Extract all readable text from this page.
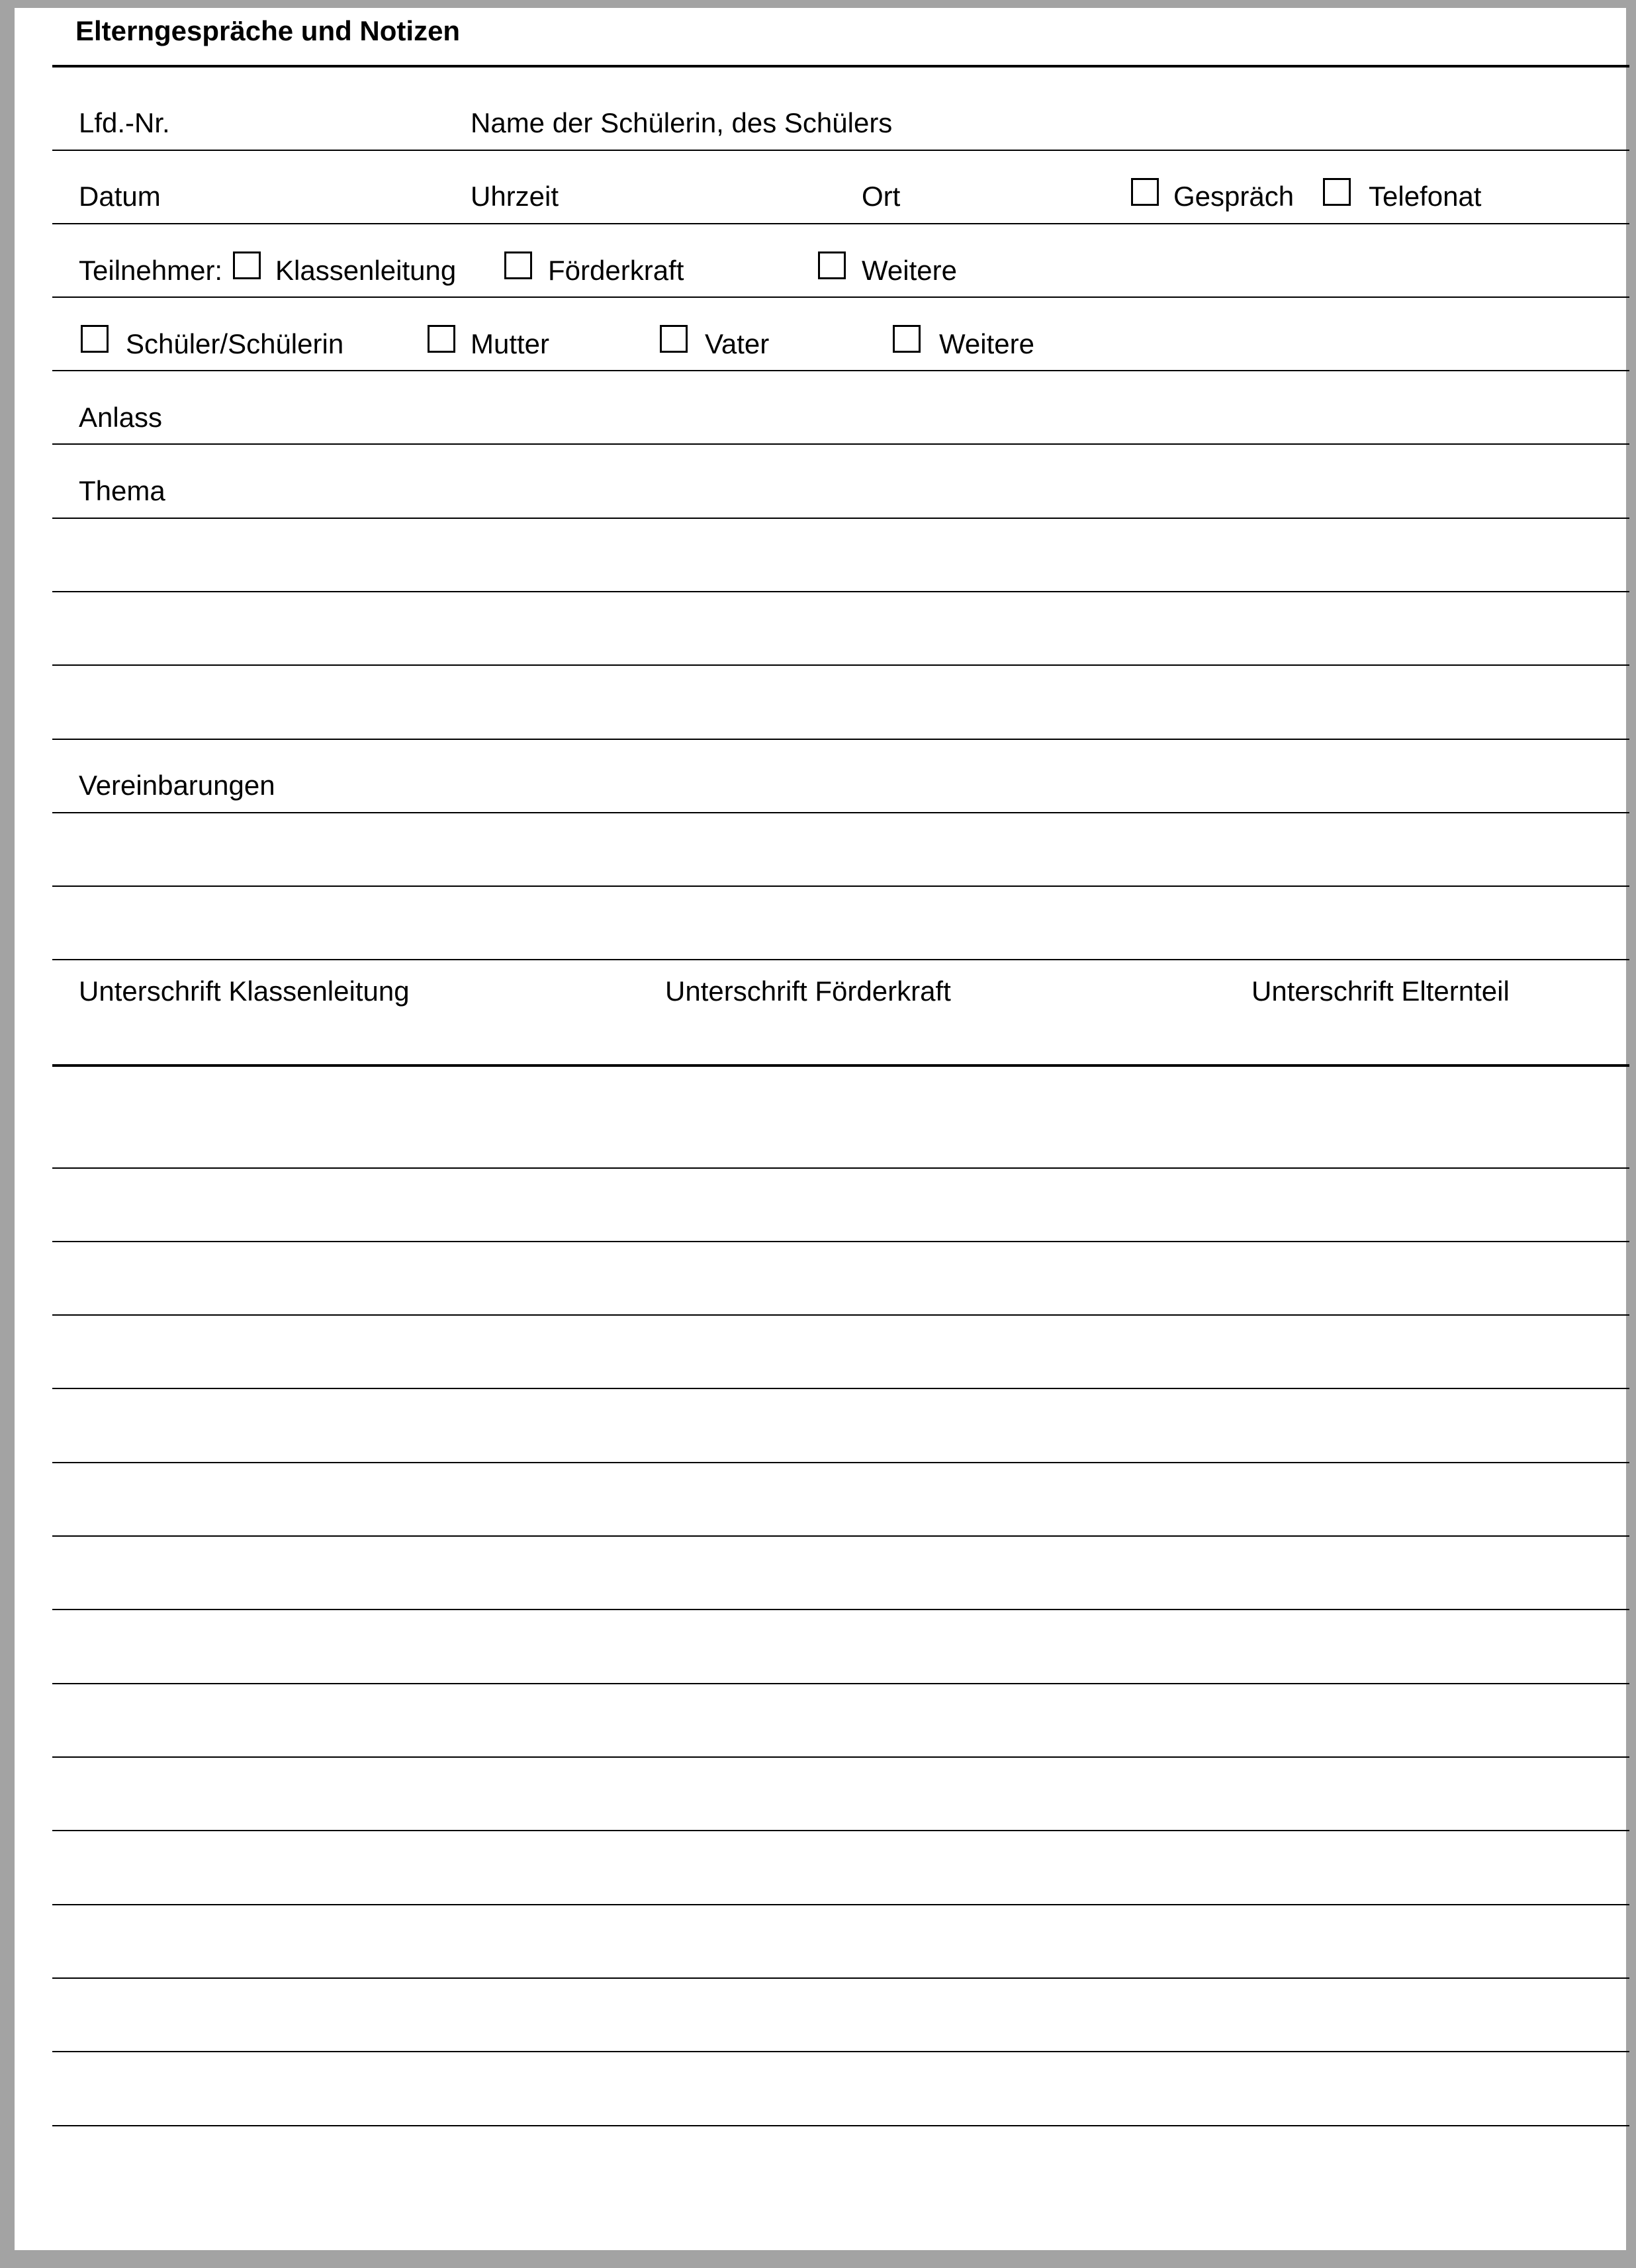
Elterngespräche und Notizen
Lfd.-Nr.	Name der Schülerin, des Schülers
Datum	Uhrzeit	Ort	Gespräch	Telefonat
Teilnehmer: Klassenleitung	Förderkraft	Weitere
Schüler/Schülerin	Mutter	Vater	Weitere
Anlass
Thema
Vereinbarungen
Unterschrift Klassenleitung	Unterschrift Förderkraft	Unterschrift Elternteil
